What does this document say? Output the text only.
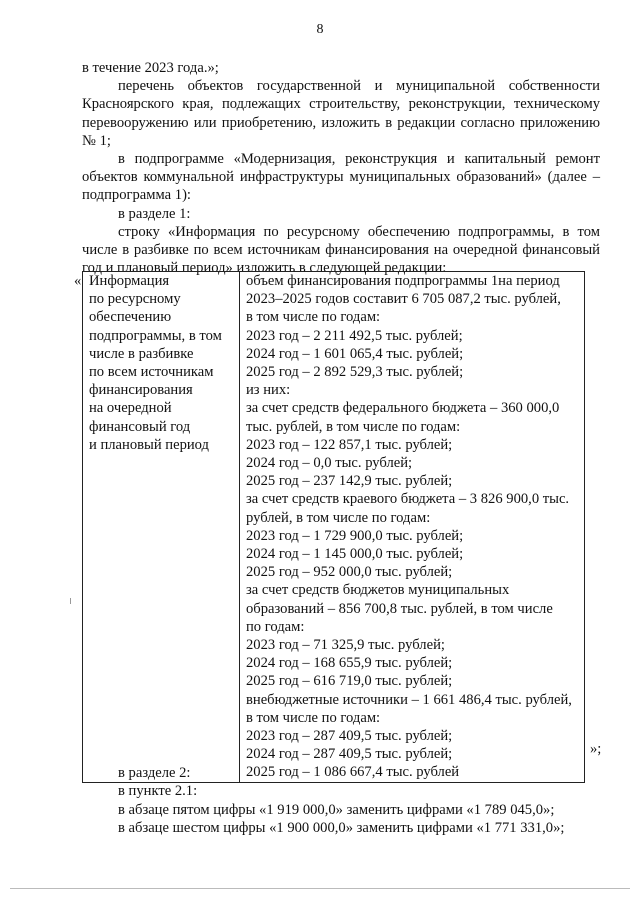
8

в течение 2023 года.»;

перечень объектов государственной и муниципальной собственности Красноярского края, подлежащих строительству, реконструкции, техническому перевооружению или приобретению, изложить в редакции согласно приложению № 1;

в подпрограмме «Модернизация, реконструкция и капитальный ремонт объектов коммунальной инфраструктуры муниципальных образований» (далее – подпрограмма 1):

в разделе 1:

строку «Информация по ресурсному обеспечению подпрограммы, в том числе в разбивке по всем источникам финансирования на очередной финансовый год и плановый период» изложить в следующей редакции:

« Информация
по ресурсному
обеспечению
подпрограммы, в том
числе в разбивке
по всем источникам
финансирования
на очередной
финансовый год
и плановый период

объем финансирования подпрограммы 1на период
2023–2025 годов составит 6 705 087,2 тыс. рублей,
в том числе по годам:
2023 год – 2 211 492,5 тыс. рублей;
2024 год – 1 601 065,4 тыс. рублей;
2025 год – 2 892 529,3 тыс. рублей;
из них:
за счет средств федерального бюджета – 360 000,0
тыс. рублей, в том числе по годам:
2023 год – 122 857,1 тыс. рублей;
2024 год – 0,0 тыс. рублей;
2025 год – 237 142,9 тыс. рублей;
за счет средств краевого бюджета – 3 826 900,0 тыс.
рублей, в том числе по годам:
2023 год – 1 729 900,0 тыс. рублей;
2024 год – 1 145 000,0 тыс. рублей;
2025 год – 952 000,0 тыс. рублей;
за счет средств бюджетов муниципальных
образований – 856 700,8 тыс. рублей, в том числе
по годам:
2023 год – 71 325,9 тыс. рублей;
2024 год – 168 655,9 тыс. рублей;
2025 год – 616 719,0 тыс. рублей;
внебюджетные источники – 1 661 486,4 тыс. рублей,
в том числе по годам:
2023 год – 287 409,5 тыс. рублей;
2024 год – 287 409,5 тыс. рублей;
2025 год – 1 086 667,4 тыс. рублей
»;

в разделе 2:

в пункте 2.1:

в абзаце пятом цифры «1 919 000,0» заменить цифрами «1 789 045,0»;

в абзаце шестом цифры «1 900 000,0» заменить цифрами «1 771 331,0»;
